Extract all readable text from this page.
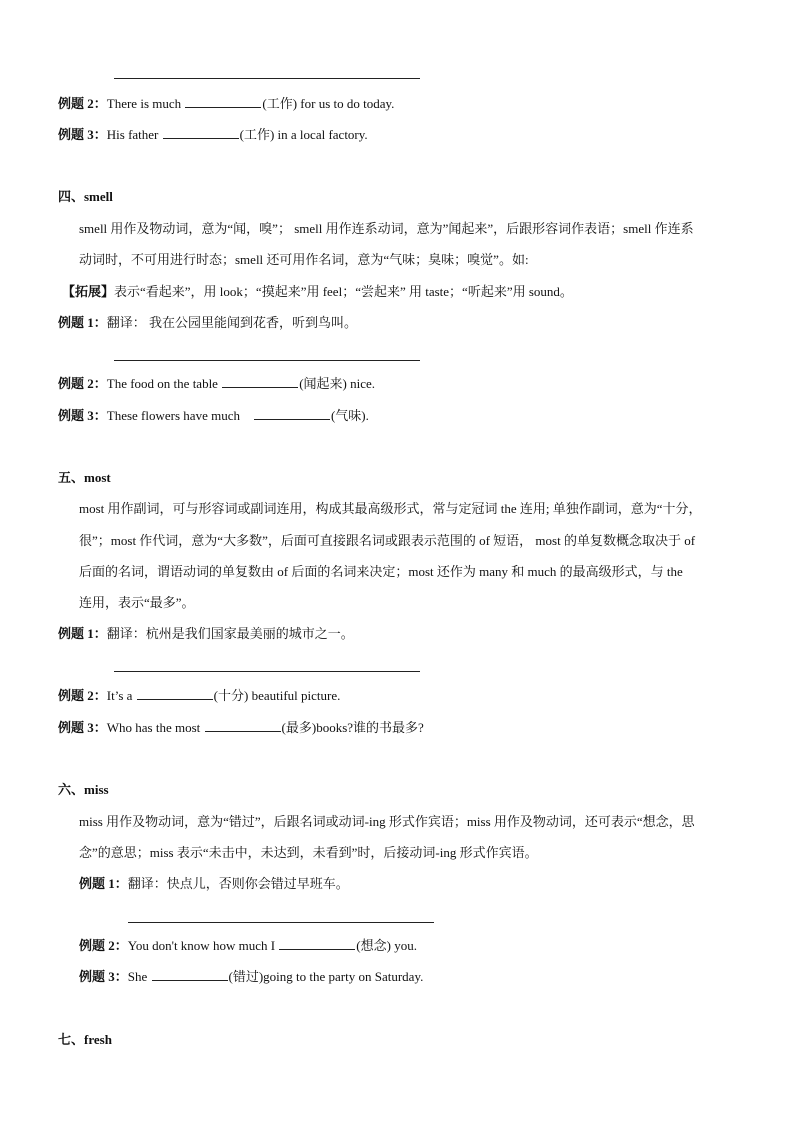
例题 2：There is much	(工作) for us to do today.
例题 3：His father	(工作) in a local factory.
四、smell
smell 用作及物动词，意为“闻，嗅”； smell 用作连系动词，意为”闻起来”，后跟形容词作表语；smell 作连系
动词时，不可用进行时态；smell 还可用作名词，意为“气味；臭味；嗅觉”。如:
【拓展】表示“看起来”，用 look；“摸起来”用 feel；“尝起来” 用 taste；“听起来”用 sound。
例题 1：翻译： 我在公园里能闻到花香，听到鸟叫。
例题 2：The food on the table	(闻起来) nice.
例题 3：These flowers have much	(气味).
五、most
most 用作副词，可与形容词或副词连用，构成其最高级形式，常与定冠词 the 连用; 单独作副词，意为“十分，
很”；most 作代词，意为“大多数”，后面可直接跟名词或跟表示范围的 of 短语， most 的单复数概念取决于 of
后面的名词，谓语动词的单复数由 of 后面的名词来决定；most 还作为 many 和 much 的最高级形式，与 the
连用，表示“最多”。
例题 1：翻译：杭州是我们国家最美丽的城市之一。
例题 2：It’s a	(十分) beautiful picture.
例题 3：Who has the most	(最多)books?谁的书最多?
六、miss
miss 用作及物动词，意为“错过”，后跟名词或动词-ing 形式作宾语；miss 用作及物动词，还可表示“想念，思
念”的意思；miss 表示“未击中，未达到，未看到”时，后接动词-ing 形式作宾语。
例题 1：翻译：快点儿，否则你会错过早班车。
例题 2：You don't know how much I	(想念) you.
例题 3：She	(错过)going to the party on Saturday.
七、fresh
